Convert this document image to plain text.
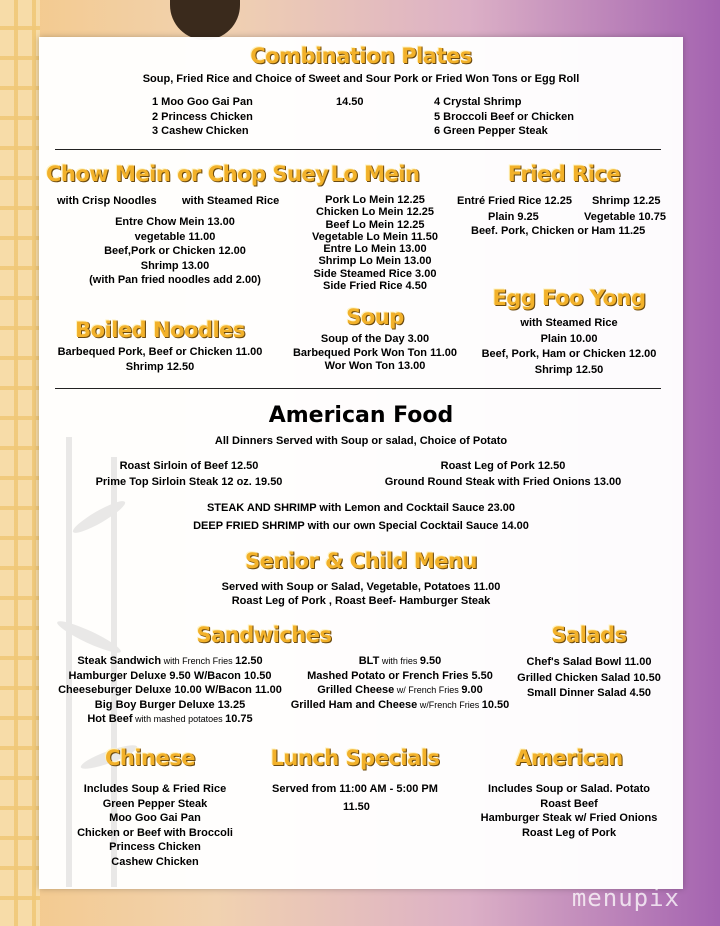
Combination Plates
Soup, Fried Rice and Choice of Sweet and Sour Pork or Fried Won Tons or Egg Roll
1 Moo Goo Gai Pan
2 Princess Chicken
3 Cashew Chicken
14.50	4 Crystal Shrimp
5 Broccoli Beef or Chicken
6 Green Pepper Steak
Chow Mein or Chop Suey
with Crisp Noodles with Steamed Rice
Entre Chow Mein 13.00
vegetable 11.00
Beef,Pork or Chicken 12.00
Shrimp 13.00
(with Pan fried noodles add 2.00)
Lo Mein
Pork Lo Mein 12.25
Chicken Lo Mein 12.25
Beef Lo Mein 12.25
Vegetable Lo Mein 11.50
Entre Lo Mein 13.00
Shrimp Lo Mein 13.00
Side Steamed Rice 3.00
Side Fried Rice 4.50
Fried Rice
Entré Fried Rice 12.25 Shrimp 12.25
Plain 9.25	Vegetable 10.75
Beef. Pork, Chicken or Ham 11.25
Egg Foo Yong
with Steamed Rice
Plain 10.00
Beef, Pork, Ham or Chicken 12.00
Shrimp 12.50
Boiled Noodles
Barbequed Pork, Beef or Chicken 11.00
Shrimp 12.50
Soup
Soup of the Day 3.00
Barbequed Pork Won Ton 11.00
Wor Won Ton 13.00
American Food
All Dinners Served with Soup or salad, Choice of Potato
Roast Sirloin of Beef 12.50
Prime Top Sirloin Steak 12 oz. 19.50
Roast Leg of Pork 12.50
Ground Round Steak with Fried Onions 13.00
STEAK AND SHRIMP with Lemon and Cocktail Sauce 23.00
DEEP FRIED SHRIMP with our own Special Cocktail Sauce 14.00
Senior & Child Menu
Served with Soup or Salad, Vegetable, Potatoes 11.00
Roast Leg of Pork , Roast Beef- Hamburger Steak
Sandwiches
Steak Sandwich with French Fries 12.50
Hamburger Deluxe 9.50 W/Bacon 10.50
Cheeseburger Deluxe 10.00 W/Bacon 11.00
Big Boy Burger Deluxe 13.25
Hot Beef with mashed potatoes 10.75
BLT with fries 9.50
Mashed Potato or French Fries 5.50
Grilled Cheese w/ French Fries 9.00
Grilled Ham and Cheese w/French Fries 10.50
Salads
Chef's Salad Bowl 11.00
Grilled Chicken Salad 10.50
Small Dinner Salad 4.50
Chinese
Includes Soup & Fried Rice
Green Pepper Steak
Moo Goo Gai Pan
Chicken or Beef with Broccoli
Princess Chicken
Cashew Chicken
Lunch Specials
Served from 11:00 AM - 5:00 PM
11.50
American
Includes Soup or Salad. Potato
Roast Beef
Hamburger Steak w/ Fried Onions
Roast Leg of Pork
menupix
